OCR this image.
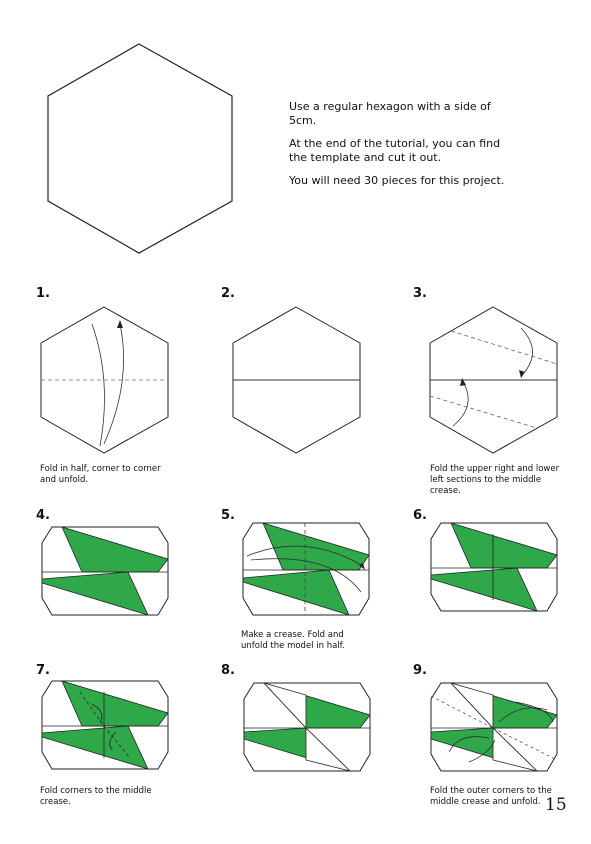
Use a regular hexagon with a side of 5cm.

At the end of the tutorial, you can find the template and cut it out.

You will need 30 pieces for this project.

1.	2.	3.
Fold in half, corner to corner and unfold.
Fold the upper right and lower left sections to the middle crease.
4.	5.	6.
Make a crease. Fold and unfold the model in half.
7.	8.	9.
Fold corners to the middle crease.
Fold the outer corners to the middle crease and unfold. 15
